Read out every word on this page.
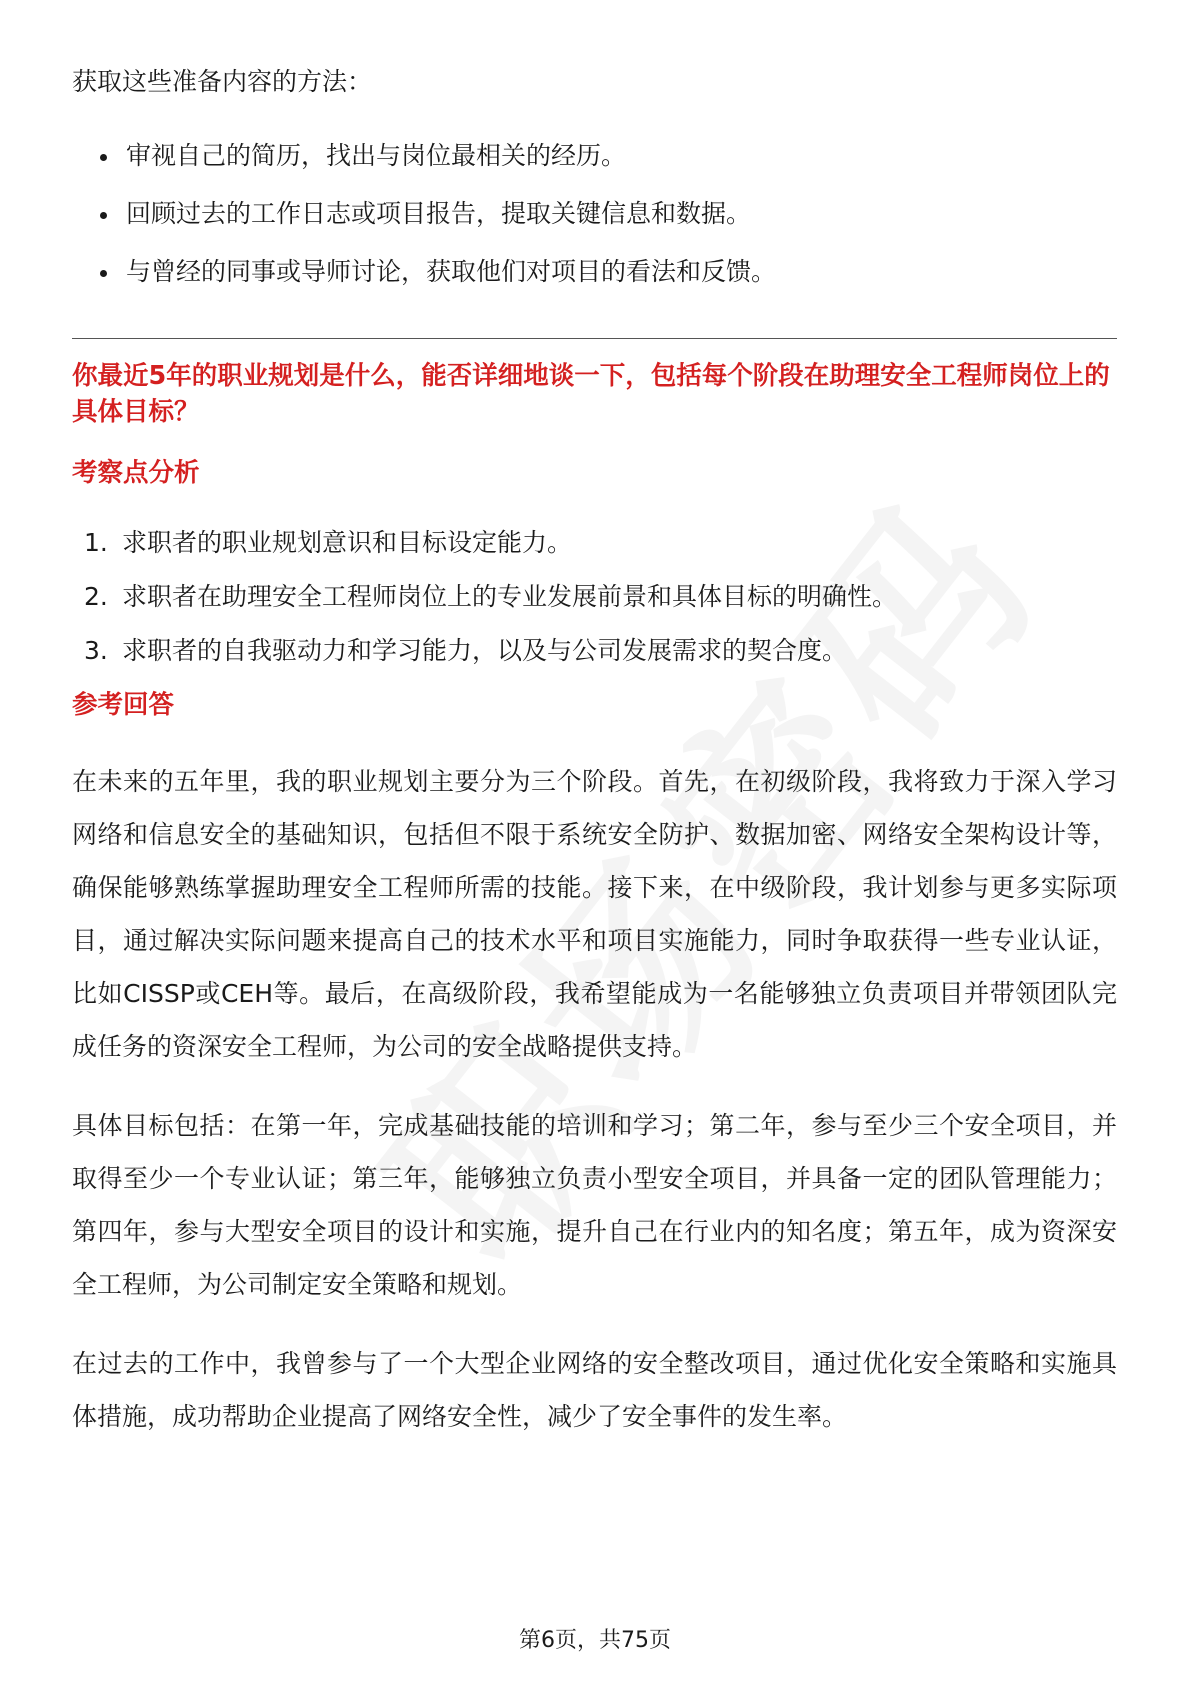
获取这些准备内容的方法：

审视自己的简历，找出与岗位最相关的经历。
回顾过去的工作日志或项目报告，提取关键信息和数据。
与曾经的同事或导师讨论，获取他们对项目的看法和反馈。
你最近5年的职业规划是什么，能否详细地谈一下，包括每个阶段在助理安全工程师岗位上的具体目标？
考察点分析
1. 求职者的职业规划意识和目标设定能力。
2. 求职者在助理安全工程师岗位上的专业发展前景和具体目标的明确性。
3. 求职者的自我驱动力和学习能力，以及与公司发展需求的契合度。
参考回答

在未来的五年里，我的职业规划主要分为三个阶段。首先，在初级阶段，我将致力于深入学习网络和信息安全的基础知识，包括但不限于系统安全防护、数据加密、网络安全架构设计等，确保能够熟练掌握助理安全工程师所需的技能。接下来，在中级阶段，我计划参与更多实际项目，通过解决实际问题来提高自己的技术水平和项目实施能力，同时争取获得一些专业认证，比如CISSP或CEH等。最后，在高级阶段，我希望能成为一名能够独立负责项目并带领团队完成任务的资深安全工程师，为公司的安全战略提供支持。

具体目标包括：在第一年，完成基础技能的培训和学习；第二年，参与至少三个安全项目，并取得至少一个专业认证；第三年，能够独立负责小型安全项目，并具备一定的团队管理能力；第四年，参与大型安全项目的设计和实施，提升自己在行业内的知名度；第五年，成为资深安全工程师，为公司制定安全策略和规划。

在过去的工作中，我曾参与了一个大型企业网络的安全整改项目，通过优化安全策略和实施具体措施，成功帮助企业提高了网络安全性，减少了安全事件的发生率。

第6页，共75页
